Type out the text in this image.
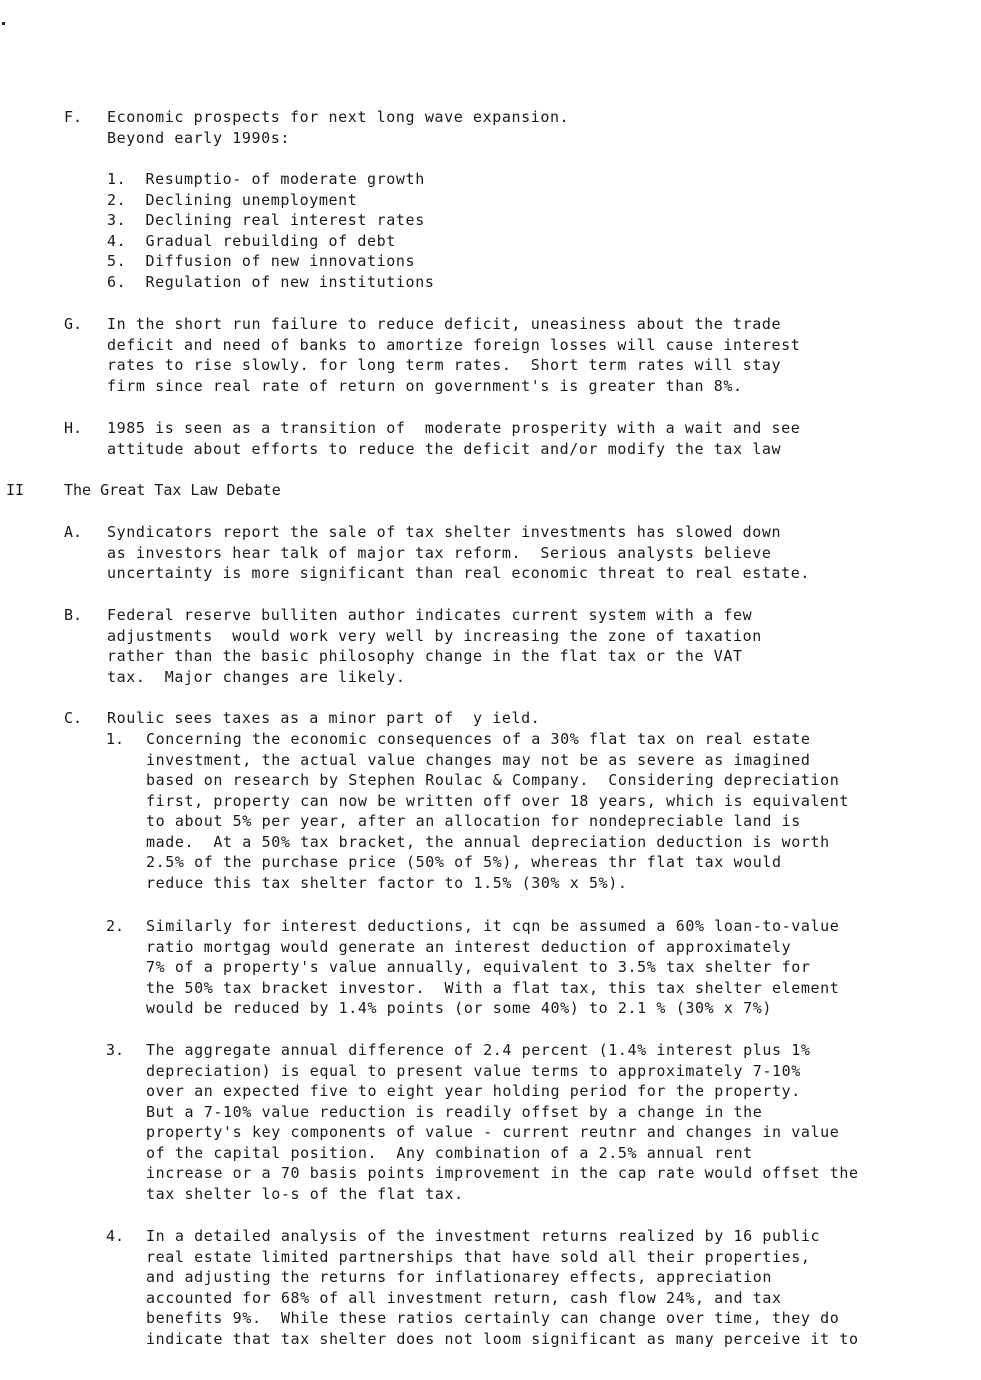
F. Economic prospects for next long wave expansion.
Beyond early 1990s:
1. Resumptio- of moderate growth
2. Declining unemployment
3. Declining real interest rates
4. Gradual rebuilding of debt
5. Diffusion of new innovations
6. Regulation of new institutions
G. In the short run failure to reduce deficit, uneasiness about the trade
deficit and need of banks to amortize foreign losses will cause interest
rates to rise slowly. for long term rates.  Short term rates will stay
firm since real rate of return on government's is greater than 8%.
H. 1985 is seen as a transition of  moderate prosperity with a wait and see
attitude about efforts to reduce the deficit and/or modify the tax law
II	The Great Tax Law Debate
A. Syndicators report the sale of tax shelter investments has slowed down
as investors hear talk of major tax reform.  Serious analysts believe
uncertainty is more significant than real economic threat to real estate.
B. Federal reserve bulliten author indicates current system with a few
adjustments  would work very well by increasing the zone of taxation
rather than the basic philosophy change in the flat tax or the VAT
tax.  Major changes are likely.
C. Roulic sees taxes as a minor part of  y ield.
1. Concerning the economic consequences of a 30% flat tax on real estate
investment, the actual value changes may not be as severe as imagined
based on research by Stephen Roulac & Company.  Considering depreciation
first, property can now be written off over 18 years, which is equivalent
to about 5% per year, after an allocation for nondepreciable land is
made.  At a 50% tax bracket, the annual depreciation deduction is worth
2.5% of the purchase price (50% of 5%), whereas thr flat tax would
reduce this tax shelter factor to 1.5% (30% x 5%).
2. Similarly for interest deductions, it cqn be assumed a 60% loan-to-value
ratio mortgag would generate an interest deduction of approximately
7% of a property's value annually, equivalent to 3.5% tax shelter for
the 50% tax bracket investor.  With a flat tax, this tax shelter element
would be reduced by 1.4% points (or some 40%) to 2.1 % (30% x 7%)
3. The aggregate annual difference of 2.4 percent (1.4% interest plus 1%
depreciation) is equal to present value terms to approximately 7-10%
over an expected five to eight year holding period for the property.
But a 7-10% value reduction is readily offset by a change in the
property's key components of value - current reutnr and changes in value
of the capital position.  Any combination of a 2.5% annual rent
increase or a 70 basis points improvement in the cap rate would offset the
tax shelter lo-s of the flat tax.
4. In a detailed analysis of the investment returns realized by 16 public
real estate limited partnerships that have sold all their properties,
and adjusting the returns for inflationarey effects, appreciation
accounted for 68% of all investment return, cash flow 24%, and tax
benefits 9%.  While these ratios certainly can change over time, they do
indicate that tax shelter does not loom significant as many perceive it to
